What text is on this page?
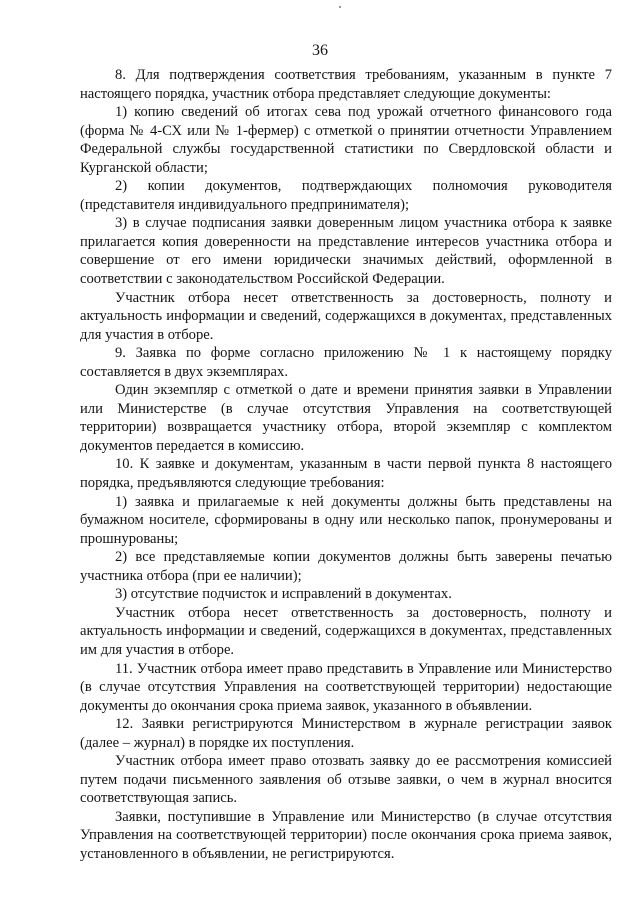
36

8. Для подтверждения соответствия требованиям, указанным в пункте 7 настоящего порядка, участник отбора представляет следующие документы:

1) копию сведений об итогах сева под урожай отчетного финансового года (форма № 4-СХ или № 1-фермер) с отметкой о принятии отчетности Управлением Федеральной службы государственной статистики по Свердловской области и Курганской области;

2) копии документов, подтверждающих полномочия руководителя (представителя индивидуального предпринимателя);

3) в случае подписания заявки доверенным лицом участника отбора к заявке прилагается копия доверенности на представление интересов участника отбора и совершение от его имени юридически значимых действий, оформленной в соответствии с законодательством Российской Федерации.

Участник отбора несет ответственность за достоверность, полноту и актуальность информации и сведений, содержащихся в документах, представленных для участия в отборе.

9. Заявка по форме согласно приложению № 1 к настоящему порядку составляется в двух экземплярах.

Один экземпляр с отметкой о дате и времени принятия заявки в Управлении или Министерстве (в случае отсутствия Управления на соответствующей территории) возвращается участнику отбора, второй экземпляр с комплектом документов передается в комиссию.

10. К заявке и документам, указанным в части первой пункта 8 настоящего порядка, предъявляются следующие требования:

1) заявка и прилагаемые к ней документы должны быть представлены на бумажном носителе, сформированы в одну или несколько папок, пронумерованы и прошнурованы;

2) все представляемые копии документов должны быть заверены печатью участника отбора (при ее наличии);

3) отсутствие подчисток и исправлений в документах.

Участник отбора несет ответственность за достоверность, полноту и актуальность информации и сведений, содержащихся в документах, представленных им для участия в отборе.

11. Участник отбора имеет право представить в Управление или Министерство (в случае отсутствия Управления на соответствующей территории) недостающие документы до окончания срока приема заявок, указанного в объявлении.

12. Заявки регистрируются Министерством в журнале регистрации заявок (далее – журнал) в порядке их поступления.

Участник отбора имеет право отозвать заявку до ее рассмотрения комиссией путем подачи письменного заявления об отзыве заявки, о чем в журнал вносится соответствующая запись.

Заявки, поступившие в Управление или Министерство (в случае отсутствия Управления на соответствующей территории) после окончания срока приема заявок, установленного в объявлении, не регистрируются.
